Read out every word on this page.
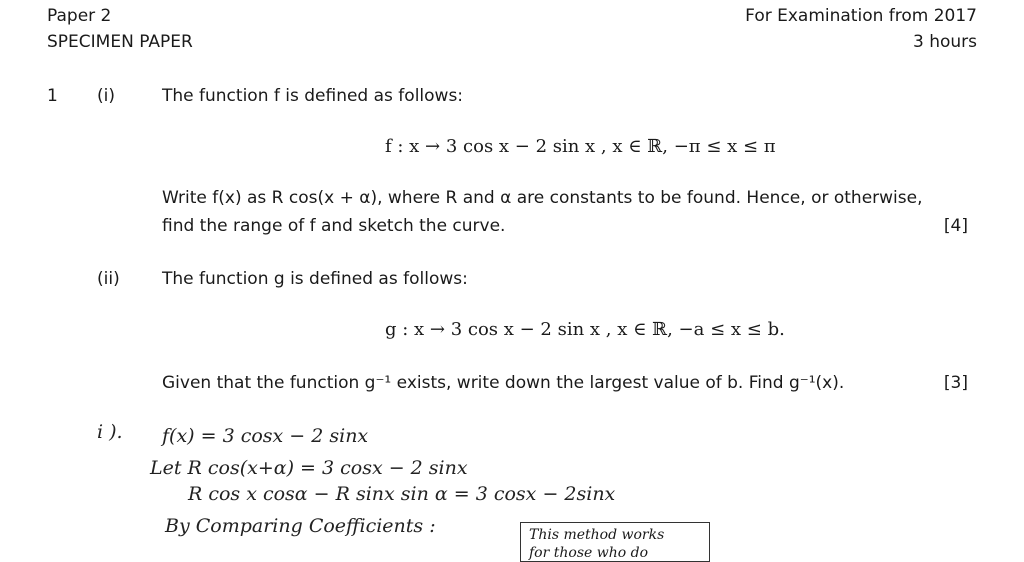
Paper 2
SPECIMEN PAPER
For Examination from 2017
3 hours
1 (i)	The function f is defined as follows:
f : x → 3 cos x − 2 sin x , x ∈ ℝ, −π ≤ x ≤ π
Write f(x) as R cos(x + α), where R and α are constants to be found. Hence, or otherwise,
find the range of f and sketch the curve.	[4]
(ii) The function g is defined as follows:
g : x → 3 cos x − 2 sin x , x ∈ ℝ, −a ≤ x ≤ b.
Given that the function g⁻¹ exists, write down the largest value of b. Find g⁻¹(x).	[3]
i ). f(x) = 3 cosx − 2 sinx
Let R cos(x+α) = 3 cosx − 2 sinx
R cos x cosα − R sinx sin α = 3 cosx − 2sinx
By Comparing Coefficients :	This method works
for those who do
